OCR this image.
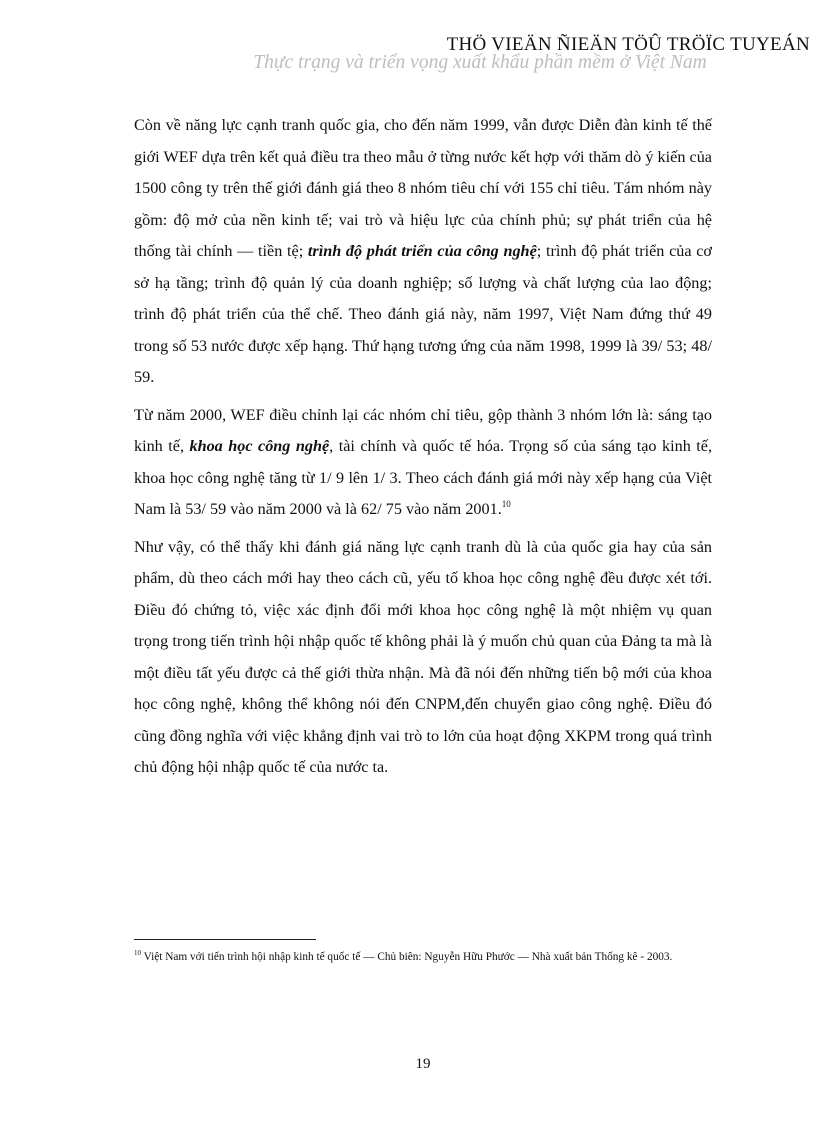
THÖ VIEÄN ÑIEÄN TÖÛ TRÖÏC TUYEÁN
Thực trạng và triển vọng xuất khẩu phần mềm ở Việt Nam

Còn về năng lực cạnh tranh quốc gia, cho đến năm 1999, vẫn được Diễn đàn kinh tế thế giới WEF dựa trên kết quả điều tra theo mẫu ở từng nước kết hợp với thăm dò ý kiến của 1500 công ty trên thế giới đánh giá theo 8 nhóm tiêu chí với 155 chỉ tiêu. Tám nhóm này gồm: độ mở của nền kinh tế; vai trò và hiệu lực của chính phủ; sự phát triển của hệ thống tài chính — tiền tệ; trình độ phát triển của công nghệ; trình độ phát triển của cơ sở hạ tầng; trình độ quản lý của doanh nghiệp; số lượng và chất lượng của lao động; trình độ phát triển của thể chế. Theo đánh giá này, năm 1997, Việt Nam đứng thứ 49 trong số 53 nước được xếp hạng. Thứ hạng tương ứng của năm 1998, 1999 là 39/ 53; 48/ 59.

Từ năm 2000, WEF điều chỉnh lại các nhóm chỉ tiêu, gộp thành 3 nhóm lớn là: sáng tạo kinh tế, khoa học công nghệ, tài chính và quốc tế hóa. Trọng số của sáng tạo kinh tế, khoa học công nghệ tăng từ 1/ 9 lên 1/ 3. Theo cách đánh giá mới này xếp hạng của Việt Nam là 53/ 59 vào năm 2000 và là 62/ 75 vào năm 2001.10

Như vậy, có thể thấy khi đánh giá năng lực cạnh tranh dù là của quốc gia hay của sản phẩm, dù theo cách mới hay theo cách cũ, yếu tố khoa học công nghệ đều được xét tới. Điều đó chứng tỏ, việc xác định đổi mới khoa học công nghệ là một nhiệm vụ quan trọng trong tiến trình hội nhập quốc tế không phải là ý muốn chủ quan của Đảng ta mà là một điều tất yếu được cả thế giới thừa nhận. Mà đã nói đến những tiến bộ mới của khoa học công nghệ, không thể không nói đến CNPM,đến chuyển giao công nghệ. Điều đó cũng đồng nghĩa với việc khẳng định vai trò to lớn của hoạt động XKPM trong quá trình chủ động hội nhập quốc tế của nước ta.

$^{10}$ Việt Nam với tiến trình hội nhập kinh tế quốc tế — Chủ biên: Nguyễn Hữu Phước — Nhà xuất bản Thống kê - 2003.
19
